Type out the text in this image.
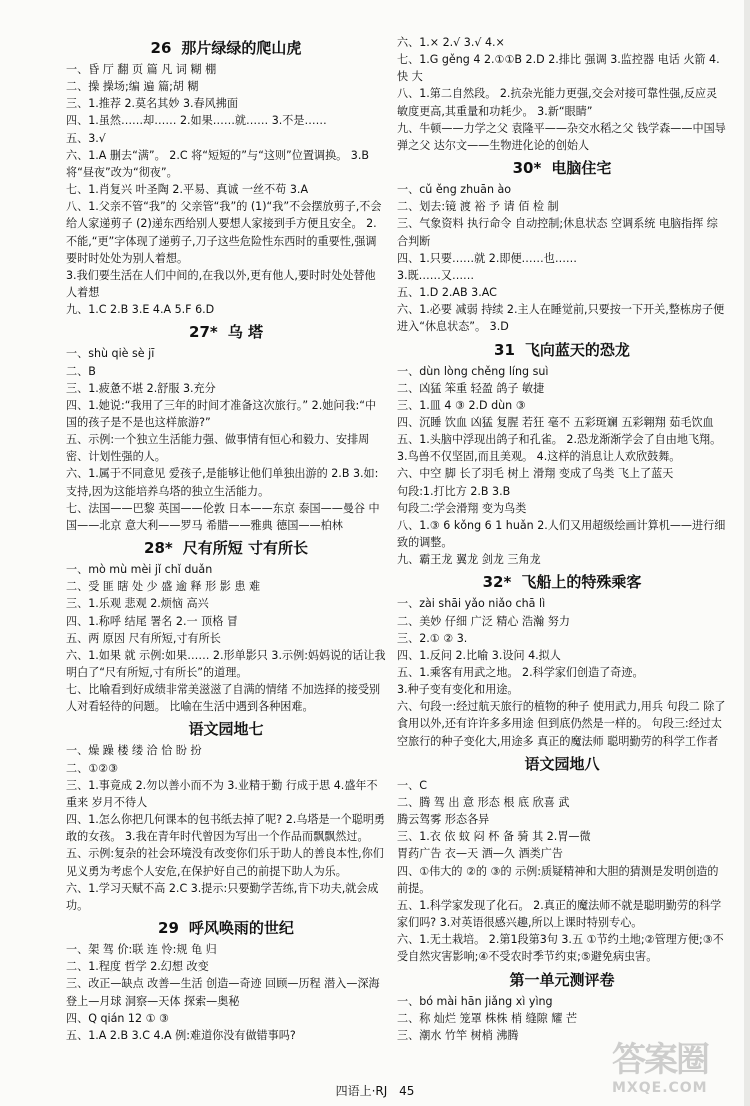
26 那片绿绿的爬山虎
一、昏 厅 翻 页 篇 凡 词 糊 棚
二、操 操场;编 遍 篇;胡 糊
三、1.推荐 2.莫名其妙 3.春风拂面
四、1.虽然……却…… 2.如果……就…… 3.不是……
五、3.√
六、1.A 删去“满”。 2.C 将“短短的”与“这则”位置调换。 3.B 将“昼夜”改为“彻夜”。
七、1.肖复兴 叶圣陶 2.平易、真诚 一丝不苟 3.A
八、1.父亲不管“我”的 父亲管“我”的 (1)“我”不会摆放剪子,不会给人家递剪子 (2)递东西给别人要想人家接到手方便且安全。 2.不能,“更”字体现了递剪子,刀子这些危险性东西时的重要性,强调要时时处处为别人着想。
3.我们要生活在人们中间的,在我以外,更有他人,要时时处处替他人着想
九、1.C 2.B 3.E 4.A 5.F 6.D
27* 乌 塔
一、shù qiè sè jī
二、B
三、1.疲惫不堪 2.舒服 3.充分
四、1.她说:“我用了三年的时间才准备这次旅行。” 2.她问我:“中国的孩子是不是也这样旅游?”
五、示例:一个独立生活能力强、做事情有恒心和毅力、安排周密、计划性强的人。
六、1.属于不同意见 爱孩子,是能够让他们单独出游的 2.B 3.如:支持,因为这能培养乌塔的独立生活能力。
七、法国——巴黎 英国——伦敦 日本——东京 泰国——曼谷 中国——北京 意大利——罗马 希腊——雅典 德国——柏林
28* 尺有所短 寸有所长
一、mò mù mèi jǐ chǐ duǎn
二、受 匪 瞎 处 少 盛 逾 释 形 影 患 难
三、1.乐观 悲观 2.烦恼 高兴
四、1.称呼 结尾 署名 2.一 顶格 冒
五、两 原因 尺有所短,寸有所长
六、1.如果 就 示例:如果…… 2.形单影只 3.示例:妈妈说的话让我明白了“尺有所短,寸有所长”的道理。
七、比喻看到好成绩非常美滋滋了自满的情绪 不加选择的接受别人对看轻待的问题。 比喻在生活中遇到各种困难。
语文园地七
一、燥 躁 楼 缕 洽 恰 盼 扮
二、①②③
三、1.事竟成 2.勿以善小而不为 3.业精于勤 行成于思 4.盛年不重来 岁月不待人
四、1.怎么你把几何课本的包书纸去掉了呢? 2.乌塔是一个聪明勇敢的女孩。 3.我在青年时代曾因为写出一个作品而飘飘然过。
五、示例:复杂的社会环境没有改变你们乐于助人的善良本性,你们见义勇为考虑个人安危,在保护好自己的前提下助人为乐。
六、1.学习天赋不高 2.C 3.提示:只要勤学苦练,肯下功夫,就会成功。
29 呼风唤雨的世纪
一、架 驾 价:联 连 怜:规 龟 归
二、1.程度 哲学 2.幻想 改变
三、改正—缺点 改善—生活 创造—奇迹 回顾—历程 潜入—深海 登上—月球 洞察—天体 探索—奥秘
四、Q qián 12 ① ③
五、1.A 2.B 3.C 4.A 例:难道你没有做错事吗?
六、1.× 2.√ 3.√ 4.×
七、1.G gěng 4 2.①①B 2.D 2.排比 强调 3.监控器 电话 火箭 4.快 大
八、1.第二自然段。 2.抗杂光能力更强,交会对接可靠性强,反应灵敏度更高,其重量和功耗少。 3.新“眼睛”
九、牛顿——力学之父 袁隆平——杂交水稻之父 钱学森——中国导弹之父 达尔文——生物进化论的创始人
30* 电脑住宅
一、cǔ ěng zhuān ào
二、划去:镜 渡 裕 予 请 佰 检 制
三、气象资料 执行命令 自动控制;休息状态 空调系统 电脑指挥 综合判断
四、1.只要……就 2.即便……也……
3.既……又……
五、1.D 2.AB 3.AC
六、1.必要 减弱 持续 2.主人在睡觉前,只要按一下开关,整栋房子便进入“休息状态”。 3.D
31 飞向蓝天的恐龙
一、dùn lòng chěng líng suì
二、凶猛 笨重 轻盈 鸽子 敏捷
三、1.皿 4 ③ 2.D dùn ③
四、沉睡 饮血 凶猛 复腥 若狂 毫不 五彩斑斓 五彩翱翔 茹毛饮血
五、1.头脑中浮现出鸽子和孔雀。 2.恐龙渐渐学会了自由地飞翔。 3.鸟兽不仅坚固,而且美观。 4.这样的消息让人欢欣鼓舞。
六、中空 脚 长了羽毛 树上 滑翔 变成了鸟类 飞上了蓝天
句段:1.打比方 2.B 3.B
句段二:学会滑翔 变为鸟类
八、1.③ 6 kǒng 6 1 huǎn 2.人们又用超级绘画计算机——进行细致的调整。
九、霸王龙 翼龙 剑龙 三角龙
32* 飞船上的特殊乘客
一、zài shāi yǎo niǎo chā lì
二、美妙 仔细 广泛 精心 浩瀚 努力
三、2.① ② 3.
四、1.反问 2.比喻 3.设问 4.拟人
五、1.乘客有用武之地。 2.科学家们创造了奇迹。
3.种子变有变化和用途。
六、句段一:经过航天旅行的植物的种子 使用武力,用兵 句段二 除了食用以外,还有许许多多用途 但到底仍然是一样的。 句段三:经过太空旅行的种子变化大,用途多 真正的魔法师 聪明勤劳的科学工作者
语文园地八
一、C
二、腾 驾 出 意 形态 根 底 欣喜 武
腾云驾雾 形态各异
三、1.衣 依 蚊 闷 杯 备 骑 其 2.胃—微
胃药广告 衣—天 酒—久 酒类广告
四、①伟大的 ②的 ③的 示例:质疑精神和大胆的猜测是发明创造的前提。
五、1.科学家发现了化石。 2.真正的魔法师不就是聪明勤劳的科学家们吗? 3.对英语很感兴趣,所以上课时特别专心。
六、1.无土栽培。 2.第1段第3句 3.五 ①节约土地;②管理方便;③不受自然灾害影响;④不受农时季节约束;⑤避免病虫害。
第一单元测评卷
一、bó mài hān jiǎng xì yìng
二、称 灿烂 笼罩 株株 梢 缝隙 耀 芒
三、潮水 竹竿 树梢 沸腾
四语上·RJ 45
答案圈
MXQE.COM
